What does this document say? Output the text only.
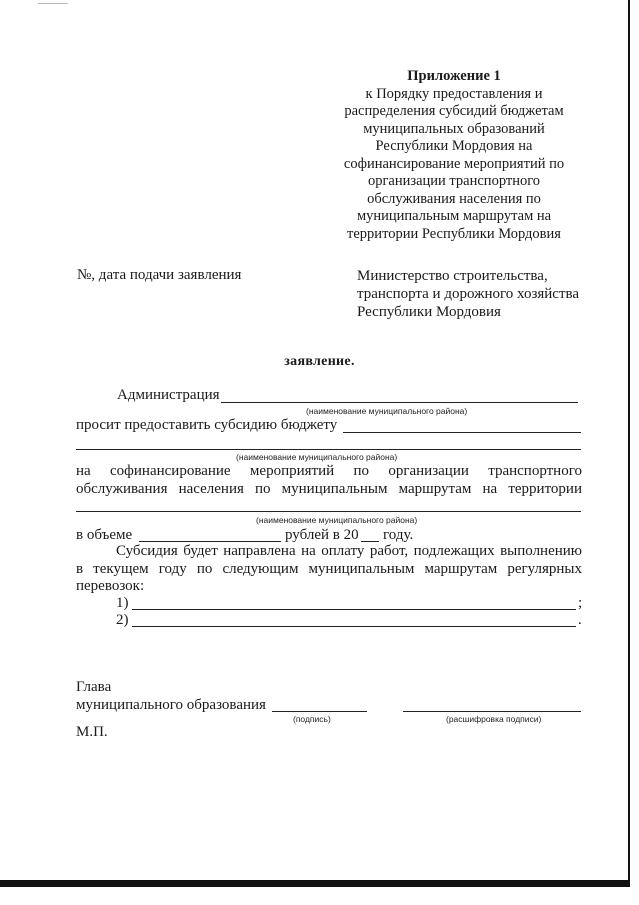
Приложение 1
к Порядку предоставления и
распределения субсидий бюджетам
муниципальных образований
Республики Мордовия на
софинансирование мероприятий по
организации транспортного
обслуживания населения по
муниципальным маршрутам на
территории Республики Мордовия
№, дата подачи заявления	Министерство строительства,
транспорта и дорожного хозяйства
Республики Мордовия
заявление.
Администрация
(наименование муниципального района)
просит предоставить субсидию бюджету
(наименование муниципального района)
на софинансирование мероприятий по организации транспортного
обслуживания населения по муниципальным маршрутам на территории
(наименование муниципального района)
в объеме	рублей в 20 году.
Субсидия будет направлена на оплату работ, подлежащих выполнению
в текущем году по следующим муниципальным маршрутам регулярных
перевозок:
1)	;
2)	.
Глава
муниципального образования
(подпись)	(расшифровка подписи)
М.П.
